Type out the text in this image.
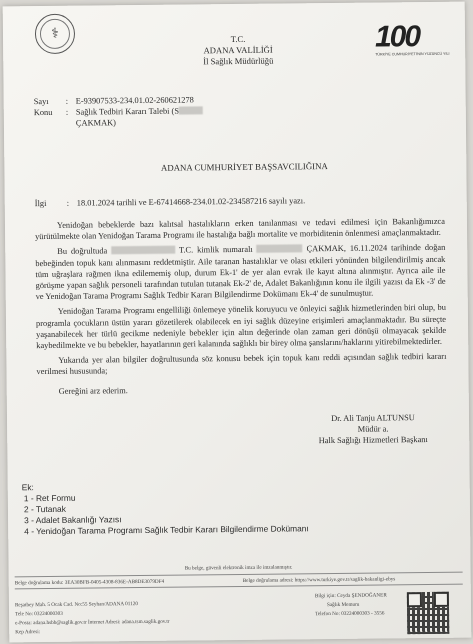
⚕	T.C.
ADANA VALİLİĞİ
İl Sağlık Müdürlüğü
100
TÜRKİYE CUMHURİYETİ'NİN YÜZÜNCÜ YILI
Sayı : E-93907533-234.01.02-260621278
Konu : Sağlık Tedbiri Kararı Talebi (S
ÇAKMAK)
ADANA CUMHURİYET BAŞSAVCILIĞINA
İlgi : 18.01.2024 tarihli ve E-67414668-234.01.02-234587216 sayılı yazı.
Yenidoğan bebeklerde bazı kalıtsal hastalıkların erken tanılanması ve tedavi edilmesi için Bakanlığımızca yürütülmekte olan Yenidoğan Tarama Programı ile hastalığa bağlı mortalite ve morbiditenin önlenmesi amaçlanmaktadır.
Bu doğrultuda	T.C. kimlik numaralı	ÇAKMAK, 16.11.2024 tarihinde doğan bebeğinden topuk kanı alınmasını reddetmiştir. Aile taranan hastalıklar ve olası etkileri yönünden bilgilendirilmiş ancak tüm uğraşlara rağmen ikna edilememiş olup, durum Ek-1' de yer alan evrak ile kayıt altına alınmıştır. Ayrıca aile ile görüşme yapan sağlık personeli tarafından tutulan tutanak Ek-2' de, Adalet Bakanlığının konu ile ilgili yazısı da Ek -3' de ve Yenidoğan Tarama Programı Sağlık Tedbir Kararı Bilgilendirme Dokümanı Ek-4' de sunulmuştur.
Yenidoğan Tarama Programı engelliliği önlemeye yönelik koruyucu ve önleyici sağlık hizmetlerinden biri olup, bu programla çocukların üstün yararı gözetilerek olabilecek en iyi sağlık düzeyine erişimleri amaçlanmaktadır. Bu süreçte yaşanabilecek her türlü gecikme nedeniyle bebekler için altın değerinde olan zaman geri dönüşü olmayacak şekilde kaybedilmekte ve bu bebekler, hayatlarının geri kalanında sağlıklı bir birey olma şanslarını/haklarını yitirebilmektedirler.
Yukarıda yer alan bilgiler doğrultusunda söz konusu bebek için topuk kanı reddi açısından sağlık tedbiri kararı verilmesi hususunda;
Gereğini arz ederim.
Dr. Ali Tanju ALTUNSU
Müdür a.
Halk Sağlığı Hizmetleri Başkanı
Ek:
1 - Ret Formu
2 - Tutanak
3 - Adalet Bakanlığı Yazısı
4 - Yenidoğan Tarama Programı Sağlık Tedbir Kararı Bilgilendirme Dokümanı
Bu belge, güvenli elektronik imza ile imzalanmıştır.
Belge doğrulama kodu: 3EA30BFB-0405-4308-836E-AB8DE3079DF4	Belge doğrulama adresi: https://www.turkiye.gov.tr/saglik-bakanligi-ebys
Reşatbey Mah. 5 Ocak Cad. No:55 Seyhan/ADANA 01120
Tele No: 03224000303
e-Posta: adana.hsbb@saglik.gov.tr İnternet Adresi: adana.tsm.saglik.gov.tr
Kep Adresi:
Bilgi için: Ceyda ŞENDOĞANER
Sağlık Memuru
Telefon No: 03224000303 - 3556
